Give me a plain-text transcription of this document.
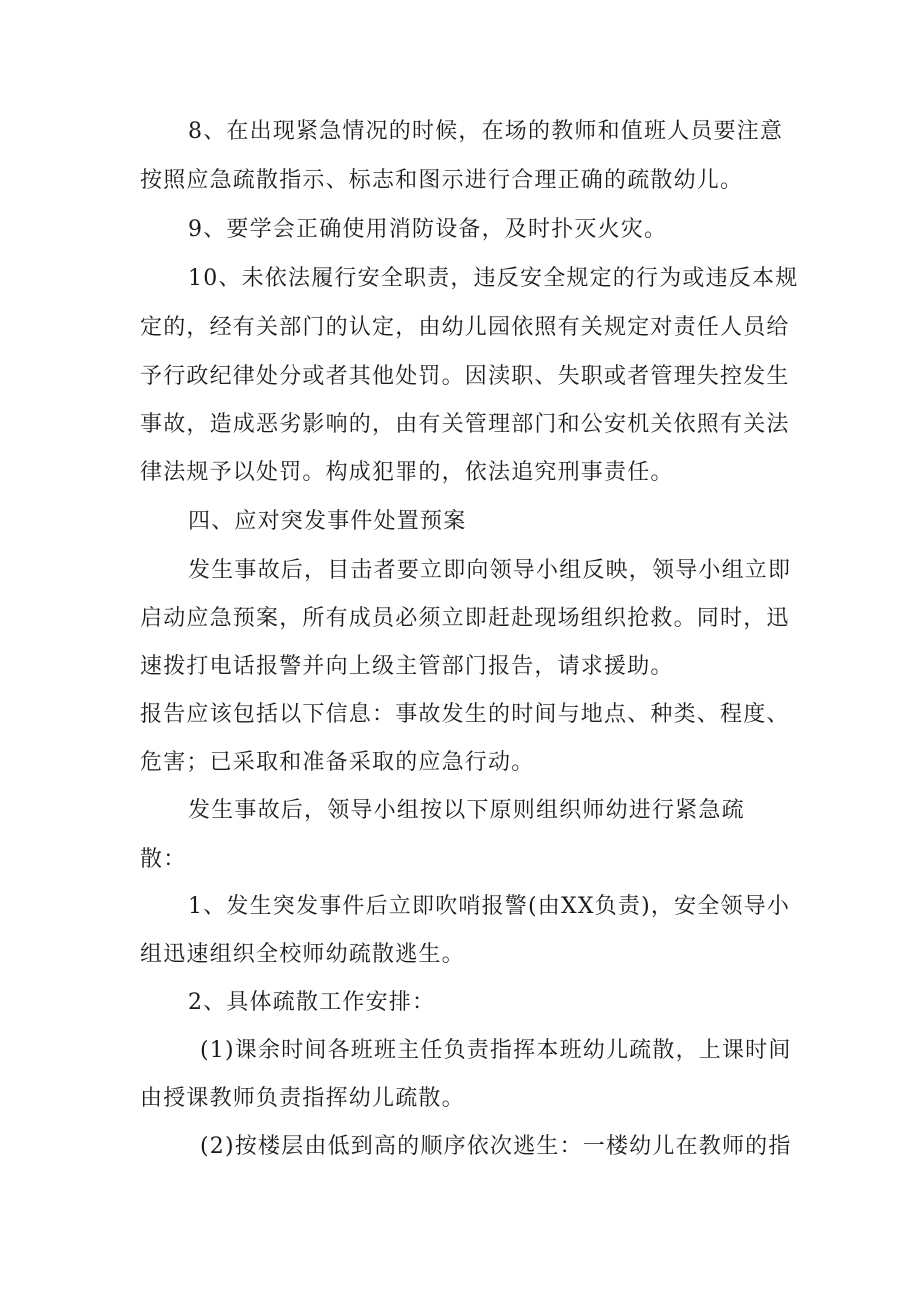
8、在出现紧急情况的时候，在场的教师和值班人员要注意
按照应急疏散指示、标志和图示进行合理正确的疏散幼儿。
9、要学会正确使用消防设备，及时扑灭火灾。
10、未依法履行安全职责，违反安全规定的行为或违反本规
定的，经有关部门的认定，由幼儿园依照有关规定对责任人员给
予行政纪律处分或者其他处罚。因渎职、失职或者管理失控发生
事故，造成恶劣影响的，由有关管理部门和公安机关依照有关法
律法规予以处罚。构成犯罪的，依法追究刑事责任。
四、应对突发事件处置预案
发生事故后，目击者要立即向领导小组反映，领导小组立即
启动应急预案，所有成员必须立即赶赴现场组织抢救。同时，迅
速拨打电话报警并向上级主管部门报告，请求援助。
报告应该包括以下信息：事故发生的时间与地点、种类、程度、
危害；已采取和准备采取的应急行动。
发生事故后，领导小组按以下原则组织师幼进行紧急疏
散：
1、发生突发事件后立即吹哨报警(由XX负责)，安全领导小
组迅速组织全校师幼疏散逃生。
2、具体疏散工作安排：
(1)课余时间各班班主任负责指挥本班幼儿疏散，上课时间
由授课教师负责指挥幼儿疏散。
(2)按楼层由低到高的顺序依次逃生：一楼幼儿在教师的指
